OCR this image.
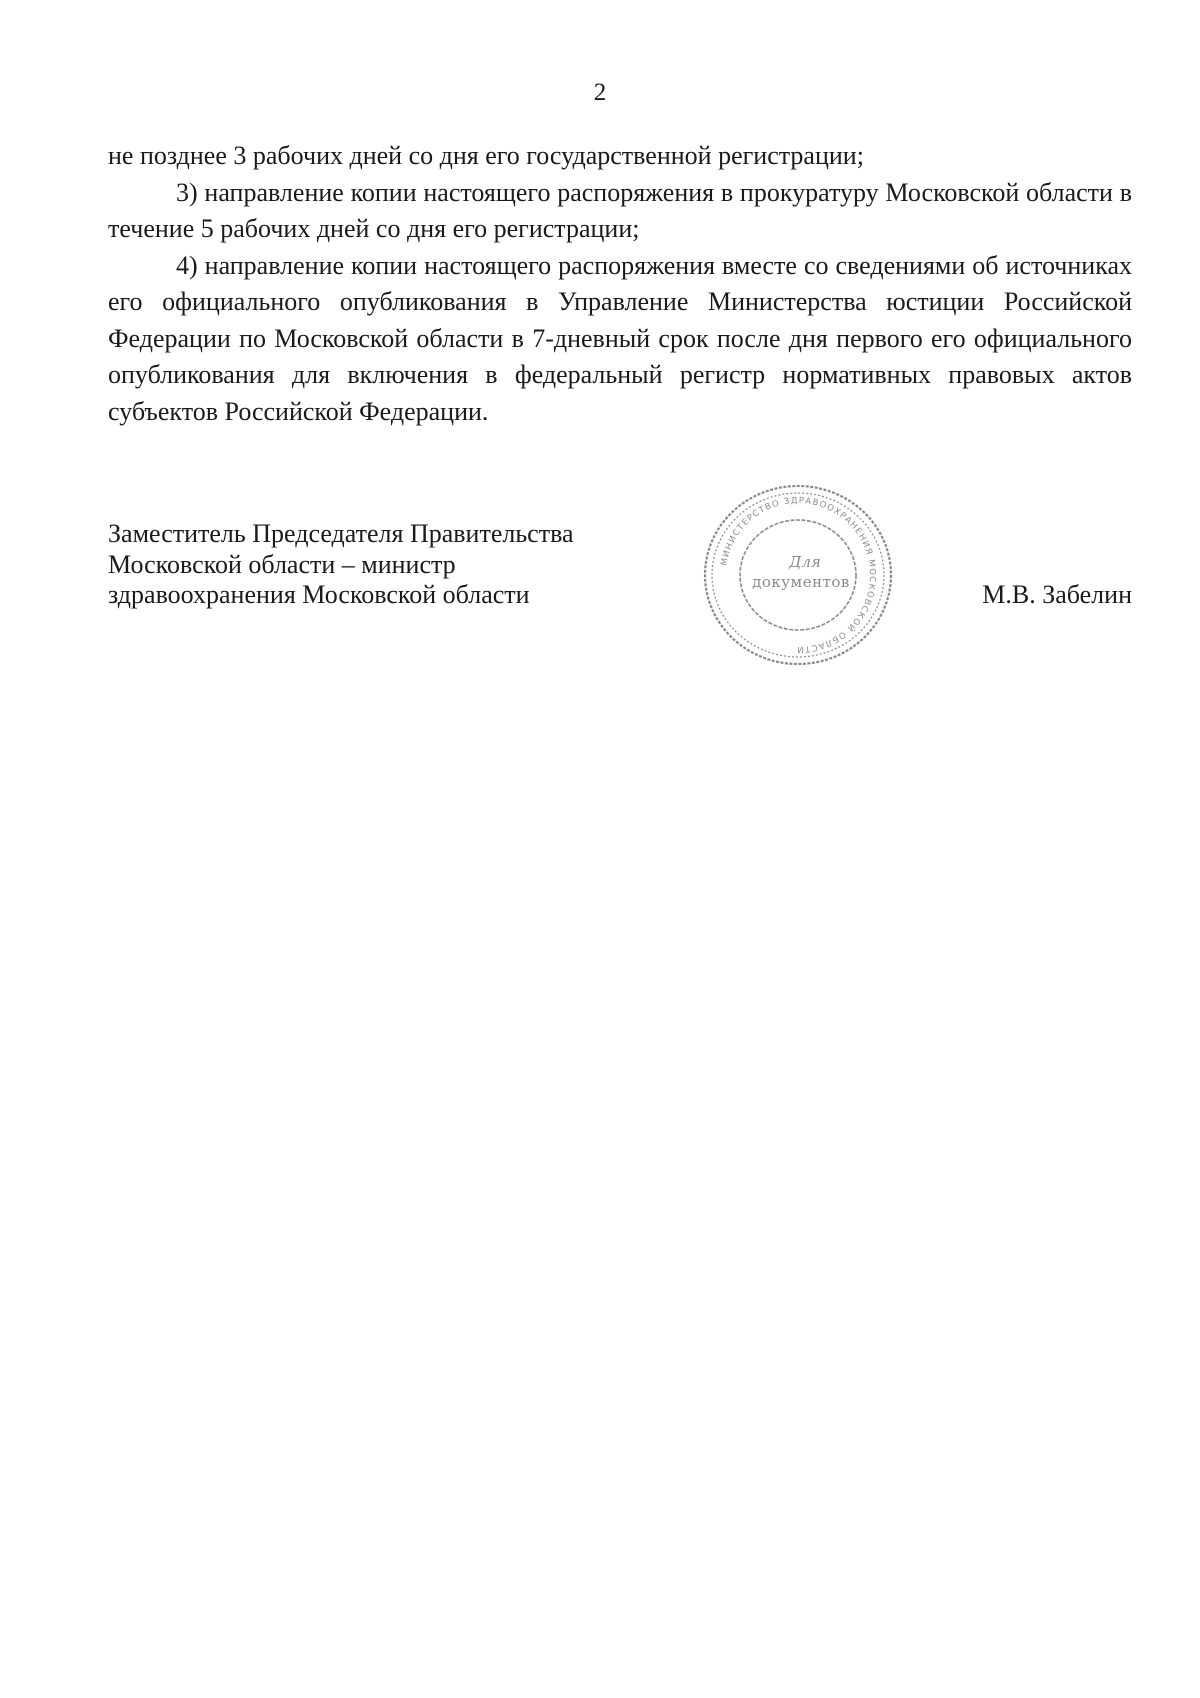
2

не позднее 3 рабочих дней со дня его государственной регистрации;

3) направление копии настоящего распоряжения в прокуратуру Московской области в течение 5 рабочих дней со дня его регистрации;

4) направление копии настоящего распоряжения вместе со сведениями об источниках его официального опубликования в Управление Министерства юстиции Российской Федерации по Московской области в 7-дневный срок после дня первого его официального опубликования для включения в федеральный регистр нормативных правовых актов субъектов Российской Федерации.

Заместитель Председателя Правительства
Московской области – министр
здравоохранения Московской области
МИНИСТЕРСТВО ЗДРАВООХРАНЕНИЯ МОСКОВСКОЙ ОБЛАСТИ
Для
документов	М.В. Забелин
